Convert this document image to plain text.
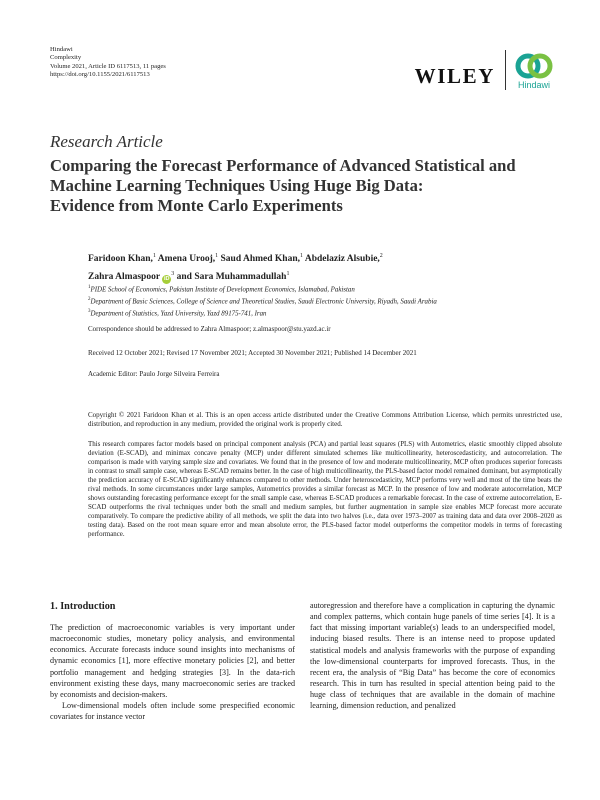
Hindawi
Complexity
Volume 2021, Article ID 6117513, 11 pages
https://doi.org/10.1155/2021/6117513	WILEY	Hindawi
Research Article
Comparing the Forecast Performance of Advanced Statistical and
Machine Learning Techniques Using Huge Big Data:
Evidence from Monte Carlo Experiments
Faridoon Khan,$^1$ Amena Urooj,$^1$ Saud Ahmed Khan,$^1$ Abdelaziz Alsubie,$^2$
Zahra Almaspoor $iD^3$ and Sara Muhammadullah$^1$
$^1$PIDE School of Economics, Pakistan Institute of Development Economics, Islamabad, Pakistan
$^2$Department of Basic Sciences, College of Science and Theoretical Studies, Saudi Electronic University, Riyadh, Saudi Arabia
$^3$Department of Statistics, Yazd University, Yazd 89175-741, Iran
Correspondence should be addressed to Zahra Almaspoor; z.almaspoor@stu.yazd.ac.ir
Received 12 October 2021; Revised 17 November 2021; Accepted 30 November 2021; Published 14 December 2021
Academic Editor: Paulo Jorge Silveira Ferreira
Copyright © 2021 Faridoon Khan et al. This is an open access article distributed under the Creative Commons Attribution License, which permits unrestricted use, distribution, and reproduction in any medium, provided the original work is properly cited.
This research compares factor models based on principal component analysis (PCA) and partial least squares (PLS) with Autometrics, elastic smoothly clipped absolute deviation (E-SCAD), and minimax concave penalty (MCP) under different simulated schemes like multicollinearity, heteroscedasticity, and autocorrelation. The comparison is made with varying sample size and covariates. We found that in the presence of low and moderate multicollinearity, MCP often produces superior forecasts in contrast to small sample case, whereas E-SCAD remains better. In the case of high multicollinearity, the PLS-based factor model remained dominant, but asymptotically the prediction accuracy of E-SCAD significantly enhances compared to other methods. Under heteroscedasticity, MCP performs very well and most of the time beats the rival methods. In some circumstances under large samples, Autometrics provides a similar forecast as MCP. In the presence of low and moderate autocorrelation, MCP shows outstanding forecasting performance except for the small sample case, whereas E-SCAD produces a remarkable forecast. In the case of extreme autocorrelation, E-SCAD outperforms the rival techniques under both the small and medium samples, but further augmentation in sample size enables MCP forecast more accurate comparatively. To compare the predictive ability of all methods, we split the data into two halves (i.e., data over 1973–2007 as training data and data over 2008–2020 as testing data). Based on the root mean square error and mean absolute error, the PLS-based factor model outperforms the competitor models in terms of forecasting performance.
1. Introduction

The prediction of macroeconomic variables is very important under macroeconomic studies, monetary policy analysis, and environmental economics. Accurate forecasts induce sound insights into mechanisms of dynamic economics [1], more effective monetary policies [2], and better portfolio management and hedging strategies [3]. In the data-rich environment existing these days, many macroeconomic series are tracked by economists and decision-makers.

Low-dimensional models often include some prespecified economic covariates for instance vector

autoregression and therefore have a complication in capturing the dynamic and complex patterns, which contain huge panels of time series [4]. It is a fact that missing important variable(s) leads to an underspecified model, inducing biased results. There is an intense need to propose updated statistical models and analysis frameworks with the purpose of expanding the low-dimensional counterparts for improved forecasts. Thus, in the recent era, the analysis of “Big Data” has become the core of economics research. This in turn has resulted in special attention being paid to the huge class of techniques that are available in the domain of machine learning, dimension reduction, and penalized
